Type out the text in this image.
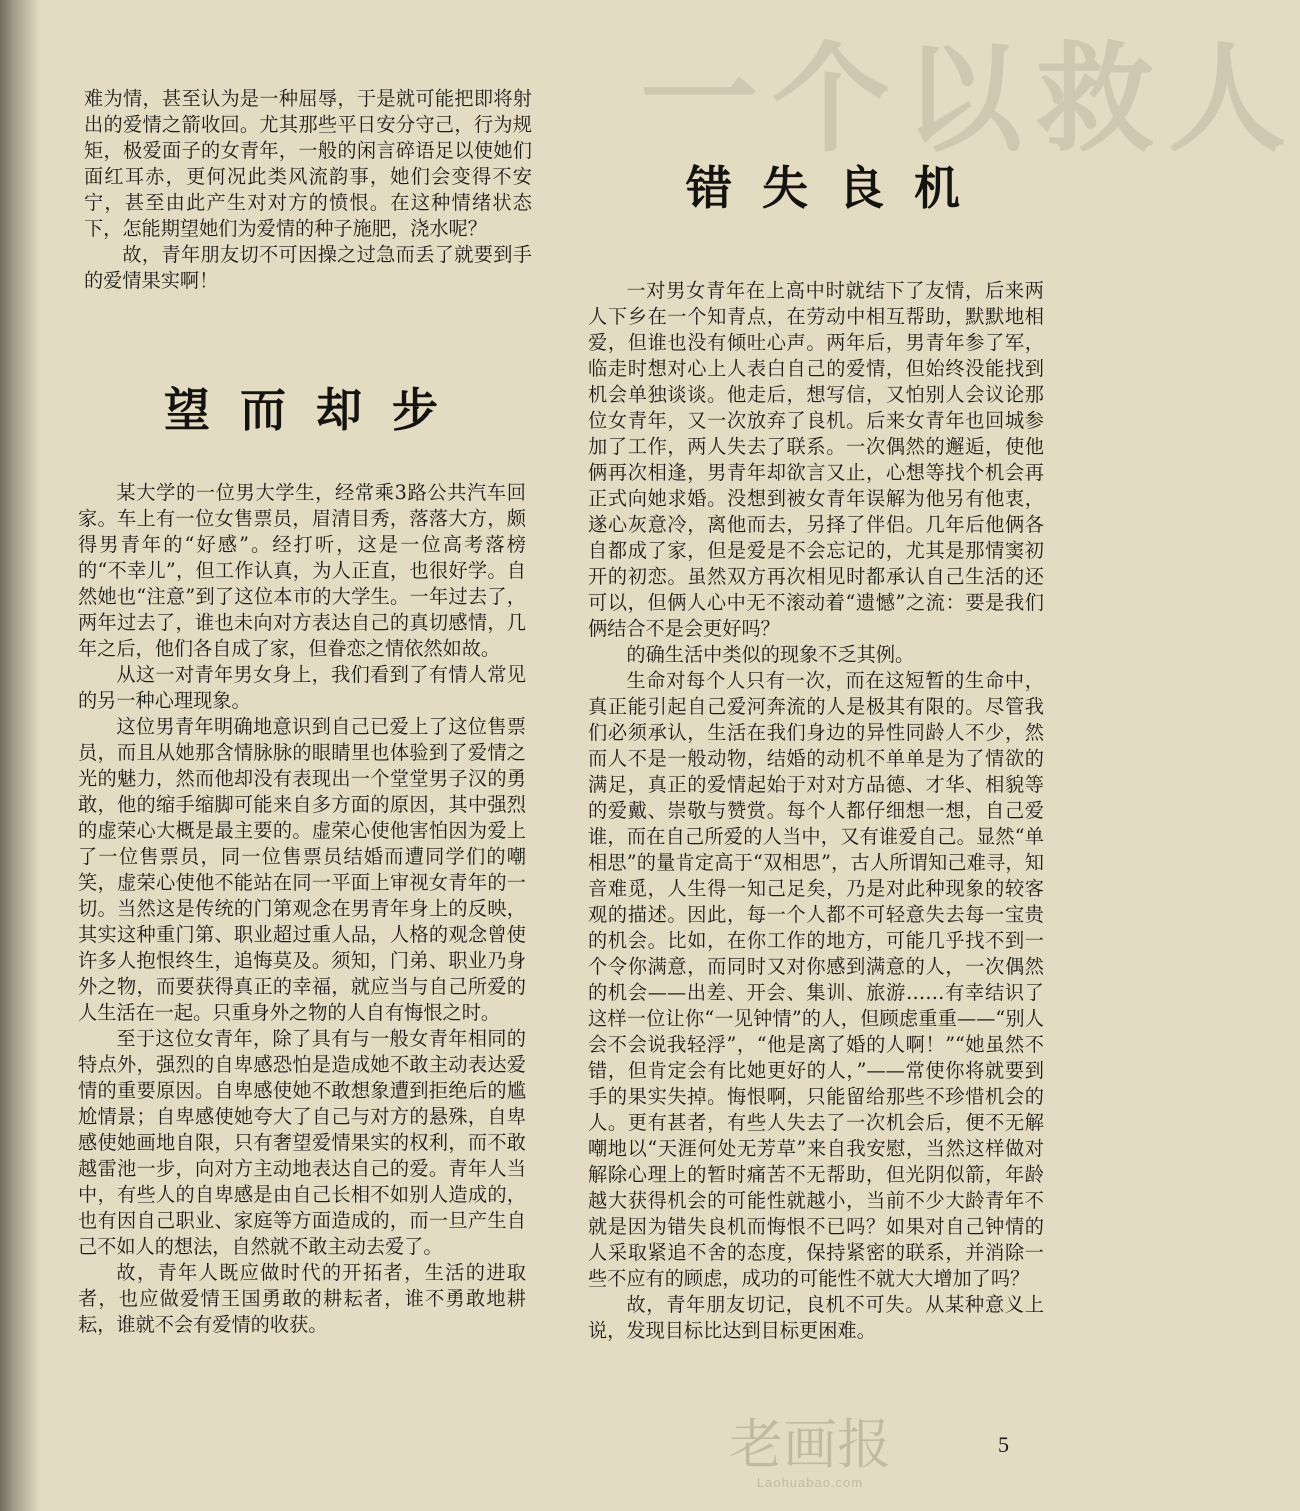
一个以救人

难为情，甚至认为是一种屈辱，于是就可能把即将射出的爱情之箭收回。尤其那些平日安分守己，行为规矩，极爱面子的女青年，一般的闲言碎语足以使她们面红耳赤，更何况此类风流韵事，她们会变得不安宁，甚至由此产生对对方的愤恨。在这种情绪状态下，怎能期望她们为爱情的种子施肥，浇水呢？

故，青年朋友切不可因操之过急而丢了就要到手的爱情果实啊！

望而却步

某大学的一位男大学生，经常乘3路公共汽车回家。车上有一位女售票员，眉清目秀，落落大方，颇得男青年的“好感”。经打听，这是一位高考落榜的“不幸儿”，但工作认真，为人正直，也很好学。自然她也“注意”到了这位本市的大学生。一年过去了，两年过去了，谁也未向对方表达自己的真切感情，几年之后，他们各自成了家，但眷恋之情依然如故。

从这一对青年男女身上，我们看到了有情人常见的另一种心理现象。

这位男青年明确地意识到自己已爱上了这位售票员，而且从她那含情脉脉的眼睛里也体验到了爱情之光的魅力，然而他却没有表现出一个堂堂男子汉的勇敢，他的缩手缩脚可能来自多方面的原因，其中强烈的虚荣心大概是最主要的。虚荣心使他害怕因为爱上了一位售票员，同一位售票员结婚而遭同学们的嘲笑，虚荣心使他不能站在同一平面上审视女青年的一切。当然这是传统的门第观念在男青年身上的反映，其实这种重门第、职业超过重人品，人格的观念曾使许多人抱恨终生，追悔莫及。须知，门弟、职业乃身外之物，而要获得真正的幸福，就应当与自己所爱的人生活在一起。只重身外之物的人自有悔恨之时。

至于这位女青年，除了具有与一般女青年相同的特点外，强烈的自卑感恐怕是造成她不敢主动表达爱情的重要原因。自卑感使她不敢想象遭到拒绝后的尴尬情景；自卑感使她夸大了自己与对方的悬殊，自卑感使她画地自限，只有奢望爱情果实的权利，而不敢越雷池一步，向对方主动地表达自己的爱。青年人当中，有些人的自卑感是由自己长相不如别人造成的，也有因自己职业、家庭等方面造成的，而一旦产生自己不如人的想法，自然就不敢主动去爱了。

故，青年人既应做时代的开拓者，生活的进取者，也应做爱情王国勇敢的耕耘者，谁不勇敢地耕耘，谁就不会有爱情的收获。

错失良机

一对男女青年在上高中时就结下了友情，后来两人下乡在一个知青点，在劳动中相互帮助，默默地相爱，但谁也没有倾吐心声。两年后，男青年参了军，临走时想对心上人表白自己的爱情，但始终没能找到机会单独谈谈。他走后，想写信，又怕别人会议论那位女青年，又一次放弃了良机。后来女青年也回城参加了工作，两人失去了联系。一次偶然的邂逅，使他俩再次相逢，男青年却欲言又止，心想等找个机会再正式向她求婚。没想到被女青年误解为他另有他衷，遂心灰意冷，离他而去，另择了伴侣。几年后他俩各自都成了家，但是爱是不会忘记的，尤其是那情窦初开的初恋。虽然双方再次相见时都承认自己生活的还可以，但俩人心中无不滚动着“遗憾”之流：要是我们俩结合不是会更好吗？

的确生活中类似的现象不乏其例。

生命对每个人只有一次，而在这短暂的生命中，真正能引起自己爱河奔流的人是极其有限的。尽管我们必须承认，生活在我们身边的异性同龄人不少，然而人不是一般动物，结婚的动机不单单是为了情欲的满足，真正的爱情起始于对对方品德、才华、相貌等的爱戴、崇敬与赞赏。每个人都仔细想一想，自己爱谁，而在自己所爱的人当中，又有谁爱自己。显然“单相思”的量肯定高于“双相思”，古人所谓知己难寻，知音难觅，人生得一知己足矣，乃是对此种现象的较客观的描述。因此，每一个人都不可轻意失去每一宝贵的机会。比如，在你工作的地方，可能几乎找不到一个令你满意，而同时又对你感到满意的人，一次偶然的机会——出差、开会、集训、旅游……有幸结识了这样一位让你“一见钟情”的人，但顾虑重重——“别人会不会说我轻浮”，“他是离了婚的人啊！”“她虽然不错，但肯定会有比她更好的人，”——常使你将就要到手的果实失掉。悔恨啊，只能留给那些不珍惜机会的人。更有甚者，有些人失去了一次机会后，便不无解嘲地以“天涯何处无芳草”来自我安慰，当然这样做对解除心理上的暂时痛苦不无帮助，但光阴似箭，年龄越大获得机会的可能性就越小，当前不少大龄青年不就是因为错失良机而悔恨不已吗？如果对自己钟情的人采取紧追不舍的态度，保持紧密的联系，并消除一些不应有的顾虑，成功的可能性不就大大增加了吗？

故，青年朋友切记，良机不可失。从某种意义上说，发现目标比达到目标更困难。

老画报
Laohuabao.com
5
